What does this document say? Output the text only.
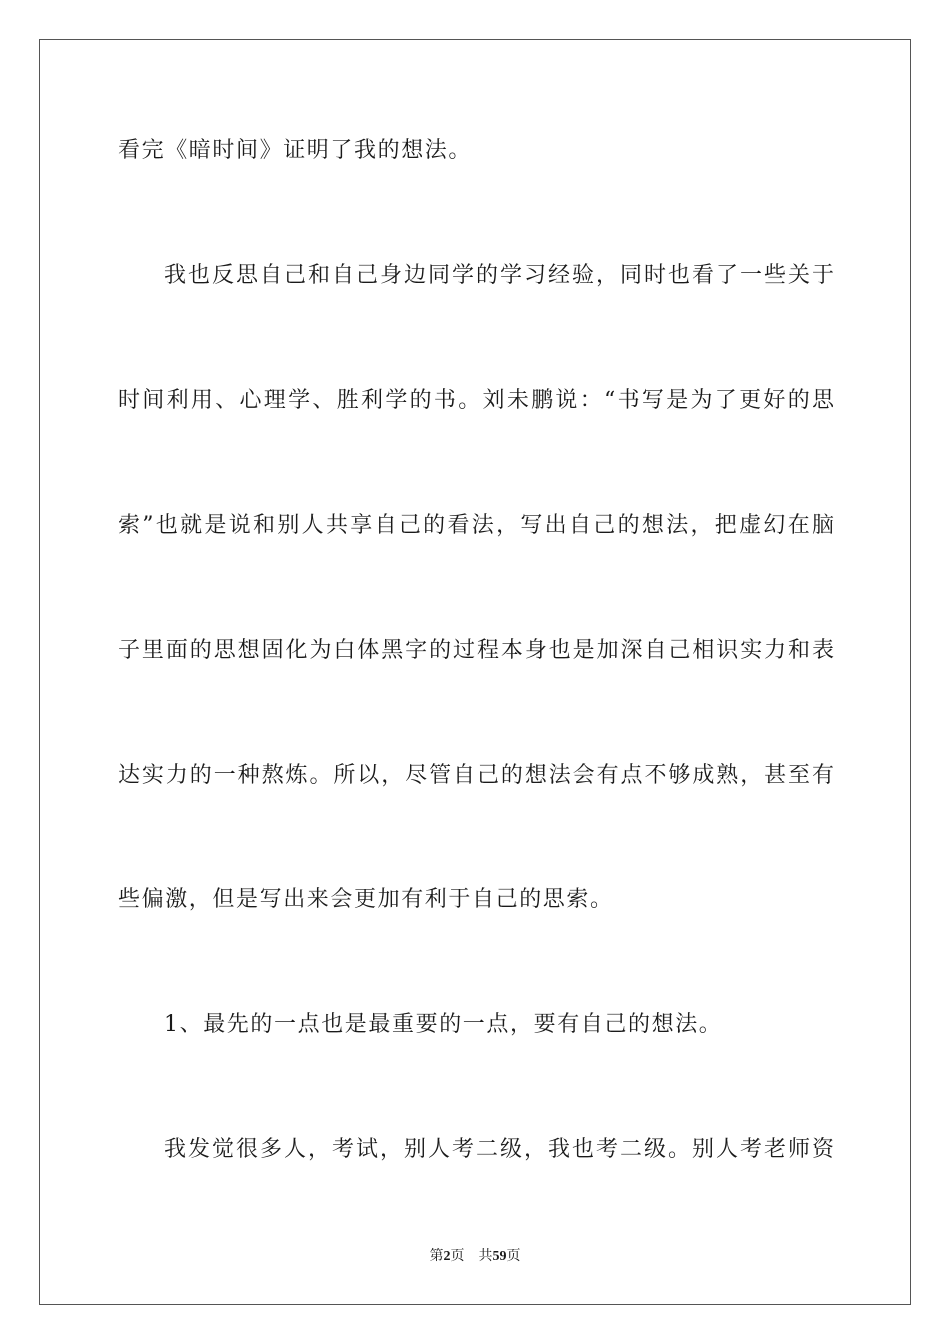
看完《暗时间》证明了我的想法。
我也反思自己和自己身边同学的学习经验，同时也看了一些关于
时间利用、心理学、胜利学的书。刘未鹏说：“书写是为了更好的思
索”也就是说和别人共享自己的看法，写出自己的想法，把虚幻在脑
子里面的思想固化为白体黑字的过程本身也是加深自己相识实力和表
达实力的一种熬炼。所以，尽管自己的想法会有点不够成熟，甚至有
些偏激，但是写出来会更加有利于自己的思索。
1、最先的一点也是最重要的一点，要有自己的想法。
我发觉很多人，考试，别人考二级，我也考二级。别人考老师资
第2页 共59页
